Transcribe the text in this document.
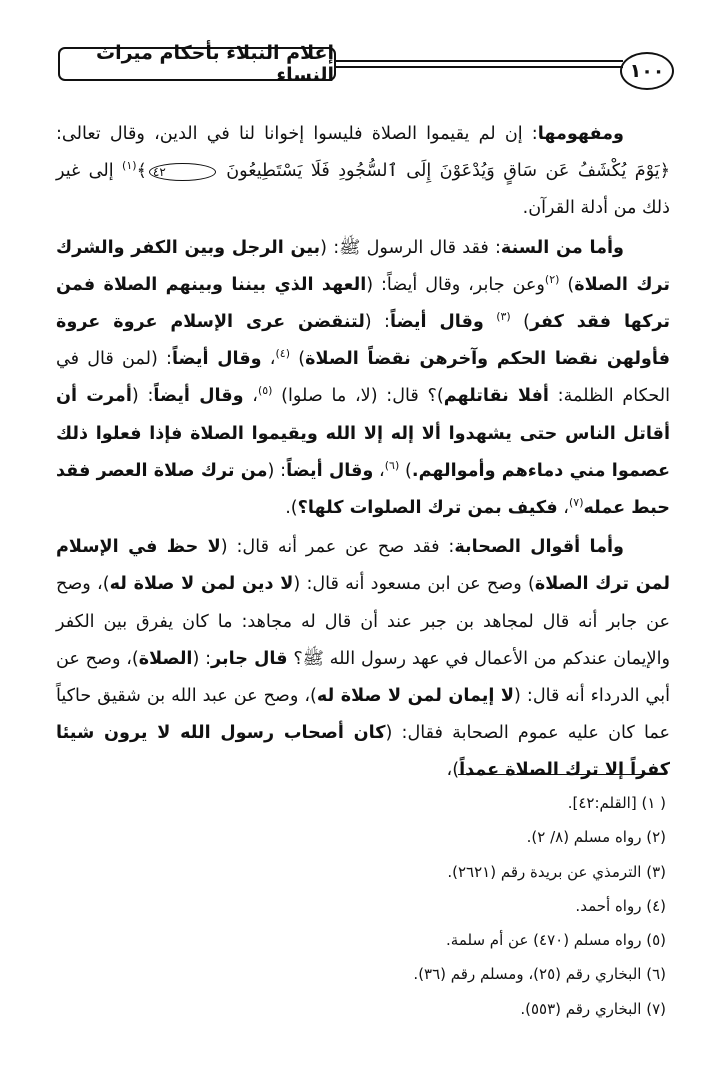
إعلام النبلاء بأحكام ميراث النساء	١٠٠

ومفهومها: إن لم يقيموا الصلاة فليسوا إخوانا لنا في الدين، وقال تعالى: ﴿يَوْمَ يُكْشَفُ عَن سَاقٍ وَيُدْعَوْنَ إِلَى ٱلسُّجُودِ فَلَا يَسْتَطِيعُونَ ٤٢﴾$^{(١)}$ إلى غير ذلك من أدلة القرآن.

وأما من السنة: فقد قال الرسول ﷺ: (بين الرجل وبين الكفر والشرك ترك الصلاة) $^{(٢)}$وعن جابر، وقال أيضاً: (العهد الذي بيننا وبينهم الصلاة فمن تركها فقد كفر) $^{(٣)}$ وقال أيضاً: (لتنقضن عرى الإسلام عروة عروة فأولهن نقضا الحكم وآخرهن نقضاً الصلاة) $^{(٤)}$، وقال أيضاً: (لمن قال في الحكام الظلمة: أفلا نقاتلهم)؟ قال: (لا، ما صلوا) $^{(٥)}$، وقال أيضاً: (أمرت أن أقاتل الناس حتى يشهدوا ألا إله إلا الله ويقيموا الصلاة فإذا فعلوا ذلك عصموا مني دماءهم وأموالهم.) $^{(٦)}$، وقال أيضاً: (من ترك صلاة العصر فقد حبط عمله$^{(٧)}$، فكيف بمن ترك الصلوات كلها؟).

وأما أقوال الصحابة: فقد صح عن عمر أنه قال: (لا حظ في الإسلام لمن ترك الصلاة) وصح عن ابن مسعود أنه قال: (لا دين لمن لا صلاة له)، وصح عن جابر أنه قال لمجاهد بن جبر عند أن قال له مجاهد: ما كان يفرق بين الكفر والإيمان عندكم من الأعمال في عهد رسول الله ﷺ؟ قال جابر: (الصلاة)، وصح عن أبي الدرداء أنه قال: (لا إيمان لمن لا صلاة له)، وصح عن عبد الله بن شقيق حاكياً عما كان عليه عموم الصحابة فقال: (كان أصحاب رسول الله لا يرون شيئا كفراً إلا ترك الصلاة عمداً)،

( ١) [القلم:٤٢].
(٢) رواه مسلم (٨/ ٢).
(٣) الترمذي عن بريدة رقم (٢٦٢١).
(٤) رواه أحمد.
(٥) رواه مسلم (٤٧٠) عن أم سلمة.
(٦) البخاري رقم (٢٥)، ومسلم رقم (٣٦).
(٧) البخاري رقم (٥٥٣).
